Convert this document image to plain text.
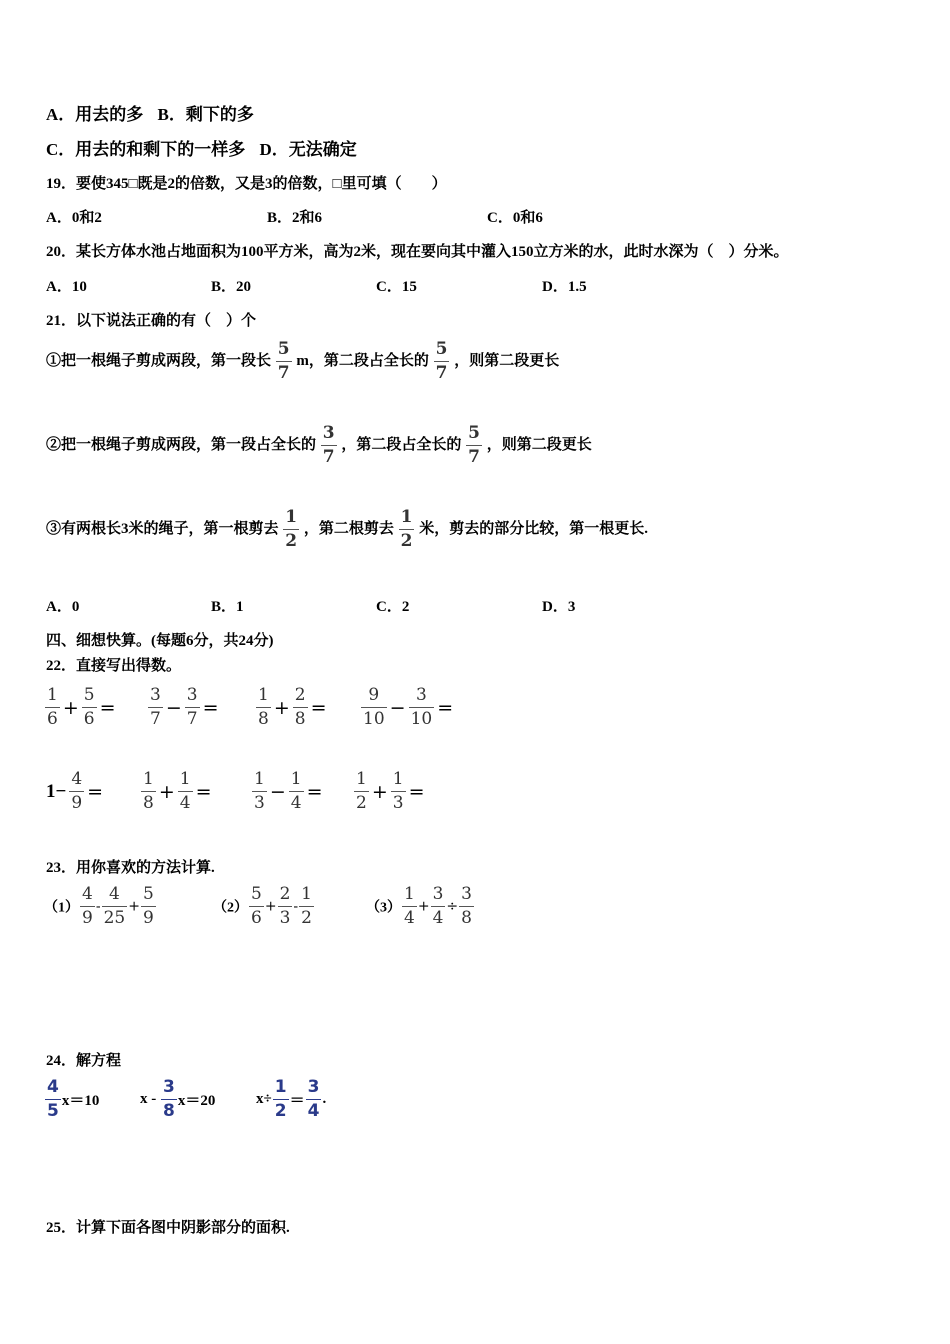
A．用去的多 B．剩下的多
C．用去的和剩下的一样多 D．无法确定
19．要使345□既是2的倍数，又是3的倍数，□里可填（　　）
A．0和2	B．2和6	C．0和6
20．某长方体水池占地面积为100平方米，高为2米，现在要向其中灌入150立方米的水，此时水深为（　）分米。
A．10	B．20	C．15	D．1.5
21．以下说法正确的有（　）个
①把一根绳子剪成两段，第一段长 $\frac{5}{7}$ m，第二段占全长的 $\frac{5}{7}$ ，则第二段更长
②把一根绳子剪成两段，第一段占全长的 $\frac{3}{7}$ ，第二段占全长的 $\frac{5}{7}$ ，则第二段更长
③有两根长3米的绳子，第一根剪去 $\frac{1}{2}$ ，第二根剪去 $\frac{1}{2}$ 米，剪去的部分比较，第一根更长.
A．0	B．1	C．2	D．3
四、细想快算。(每题6分，共24分)
22．直接写出得数。
$\frac{1}{6} + \frac{5}{6} = \frac{3}{7} - \frac{3}{7} = \frac{1}{8} + \frac{2}{8} = \frac{9}{10} - \frac{3}{10}$ =
$1- \frac{4}{9} = \frac{1}{8} + \frac{1}{4} = \frac{1}{3} - \frac{1}{4} = \frac{1}{2} + \frac{1}{3}$ =
23．用你喜欢的方法计算.
$(1) \frac{4}{9} - \frac{4}{25} + \frac{5}{9}$	$(2) \frac{5}{6} + \frac{2}{3} - \frac{1}{2}$	$(3) \frac{1}{4} + \frac{3}{4} \div \frac{3}{8}$
24．解方程
$\frac{4}{5} x=10$	$x - \frac{3}{8} x=20$	$x\div \frac{1}{2} = \frac{3}{4}$ .
25．计算下面各图中阴影部分的面积.
